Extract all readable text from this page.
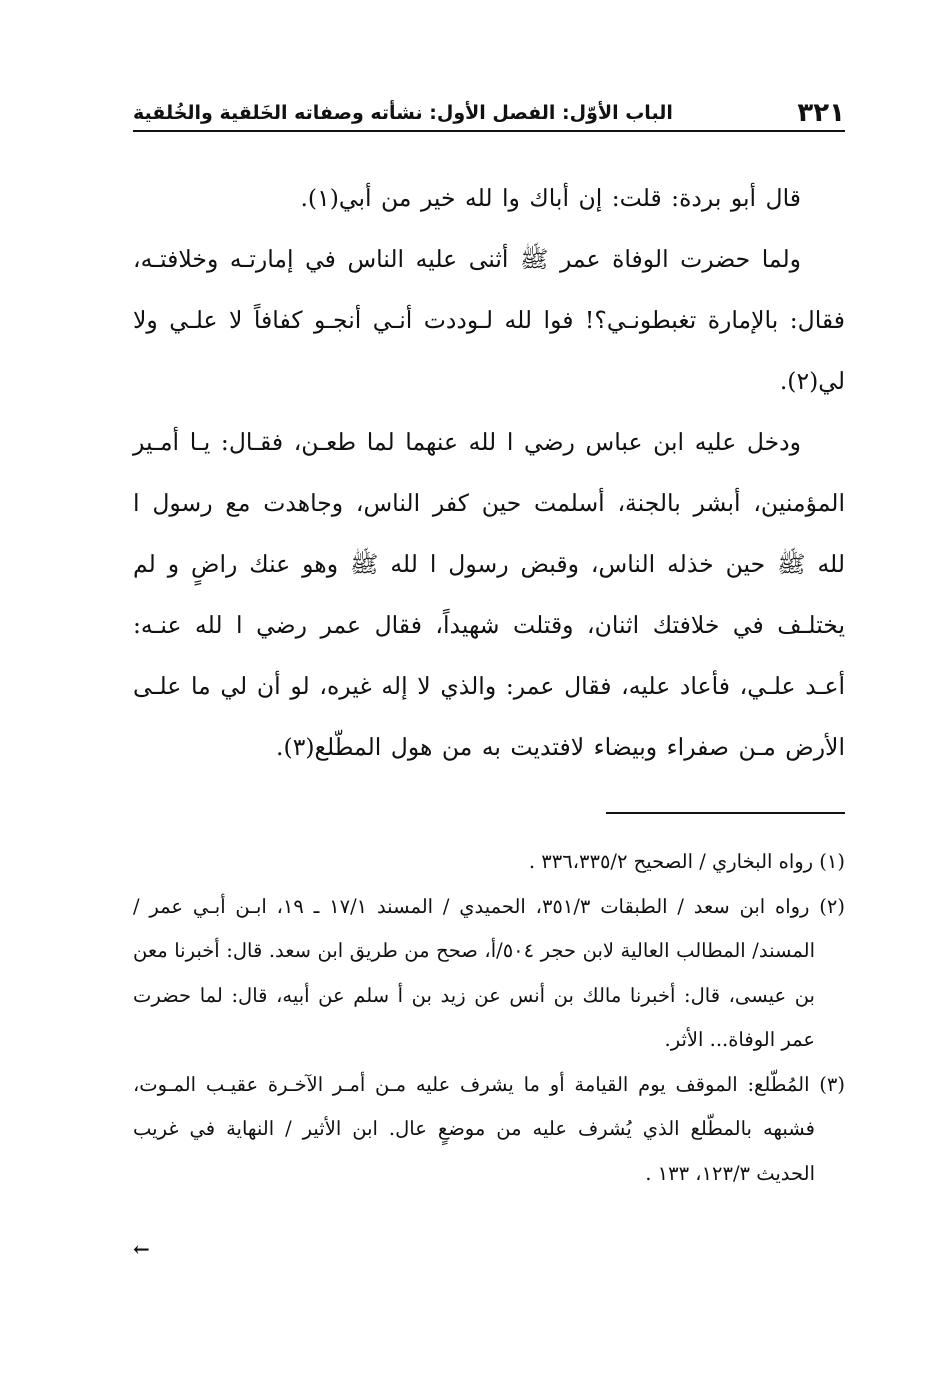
٣٢١
الباب الأوّل: الفصل الأول: نشأته وصفاته الخَلقية والخُلقية

قال أبو بردة: قلت: إن أباك وا لله خير من أبي(١).

ولما حضرت الوفاة عمر ﷺ أثنى عليه الناس في إمارتـه وخلافتـه، فقال: بالإمارة تغبطونـي؟! فوا لله لـوددت أنـي أنجـو كفافاً لا علـي ولا لي(٢).

ودخل عليه ابن عباس رضي ا لله عنهما لما طعـن، فقـال: يـا أمـير المؤمنين، أبشر بالجنة، أسلمت حين كفر الناس، وجاهدت مع رسول ا لله ﷺ حين خذله الناس، وقبض رسول ا لله ﷺ وهو عنك راضٍ و لم يختلـف في خلافتك اثنان، وقتلت شهيداً، فقال عمر رضي ا لله عنـه: أعـد علـي، فأعاد عليه، فقال عمر: والذي لا إله غيره، لو أن لي ما علـى الأرض مـن صفراء وبيضاء لافتديت به من هول المطّلع(٣).

(١) رواه البخاري / الصحيح ٣٣٦،٣٣٥/٢ .

(٢) رواه ابن سعد / الطبقات ٣٥١/٣، الحميدي / المسند ١٧/١ ـ ١٩، ابـن أبـي عمر / المسند/ المطالب العالية لابن حجر ٥٠٤/أ، صحح من طريق ابن سعد. قال: أخبرنا معن بن عيسى، قال: أخبرنا مالك بن أنس عن زيد بن أ سلم عن أبيه، قال: لما حضرت عمر الوفاة... الأثر.

(٣) المُطّلع: الموقف يوم القيامة أو ما يشرف عليه مـن أمـر الآخـرة عقيـب المـوت، فشبهه بالمطّلع الذي يُشرف عليه من موضعٍ عال. ابن الأثير / النهاية في غريب الحديث ١٢٣/٣، ١٣٣ .

←
